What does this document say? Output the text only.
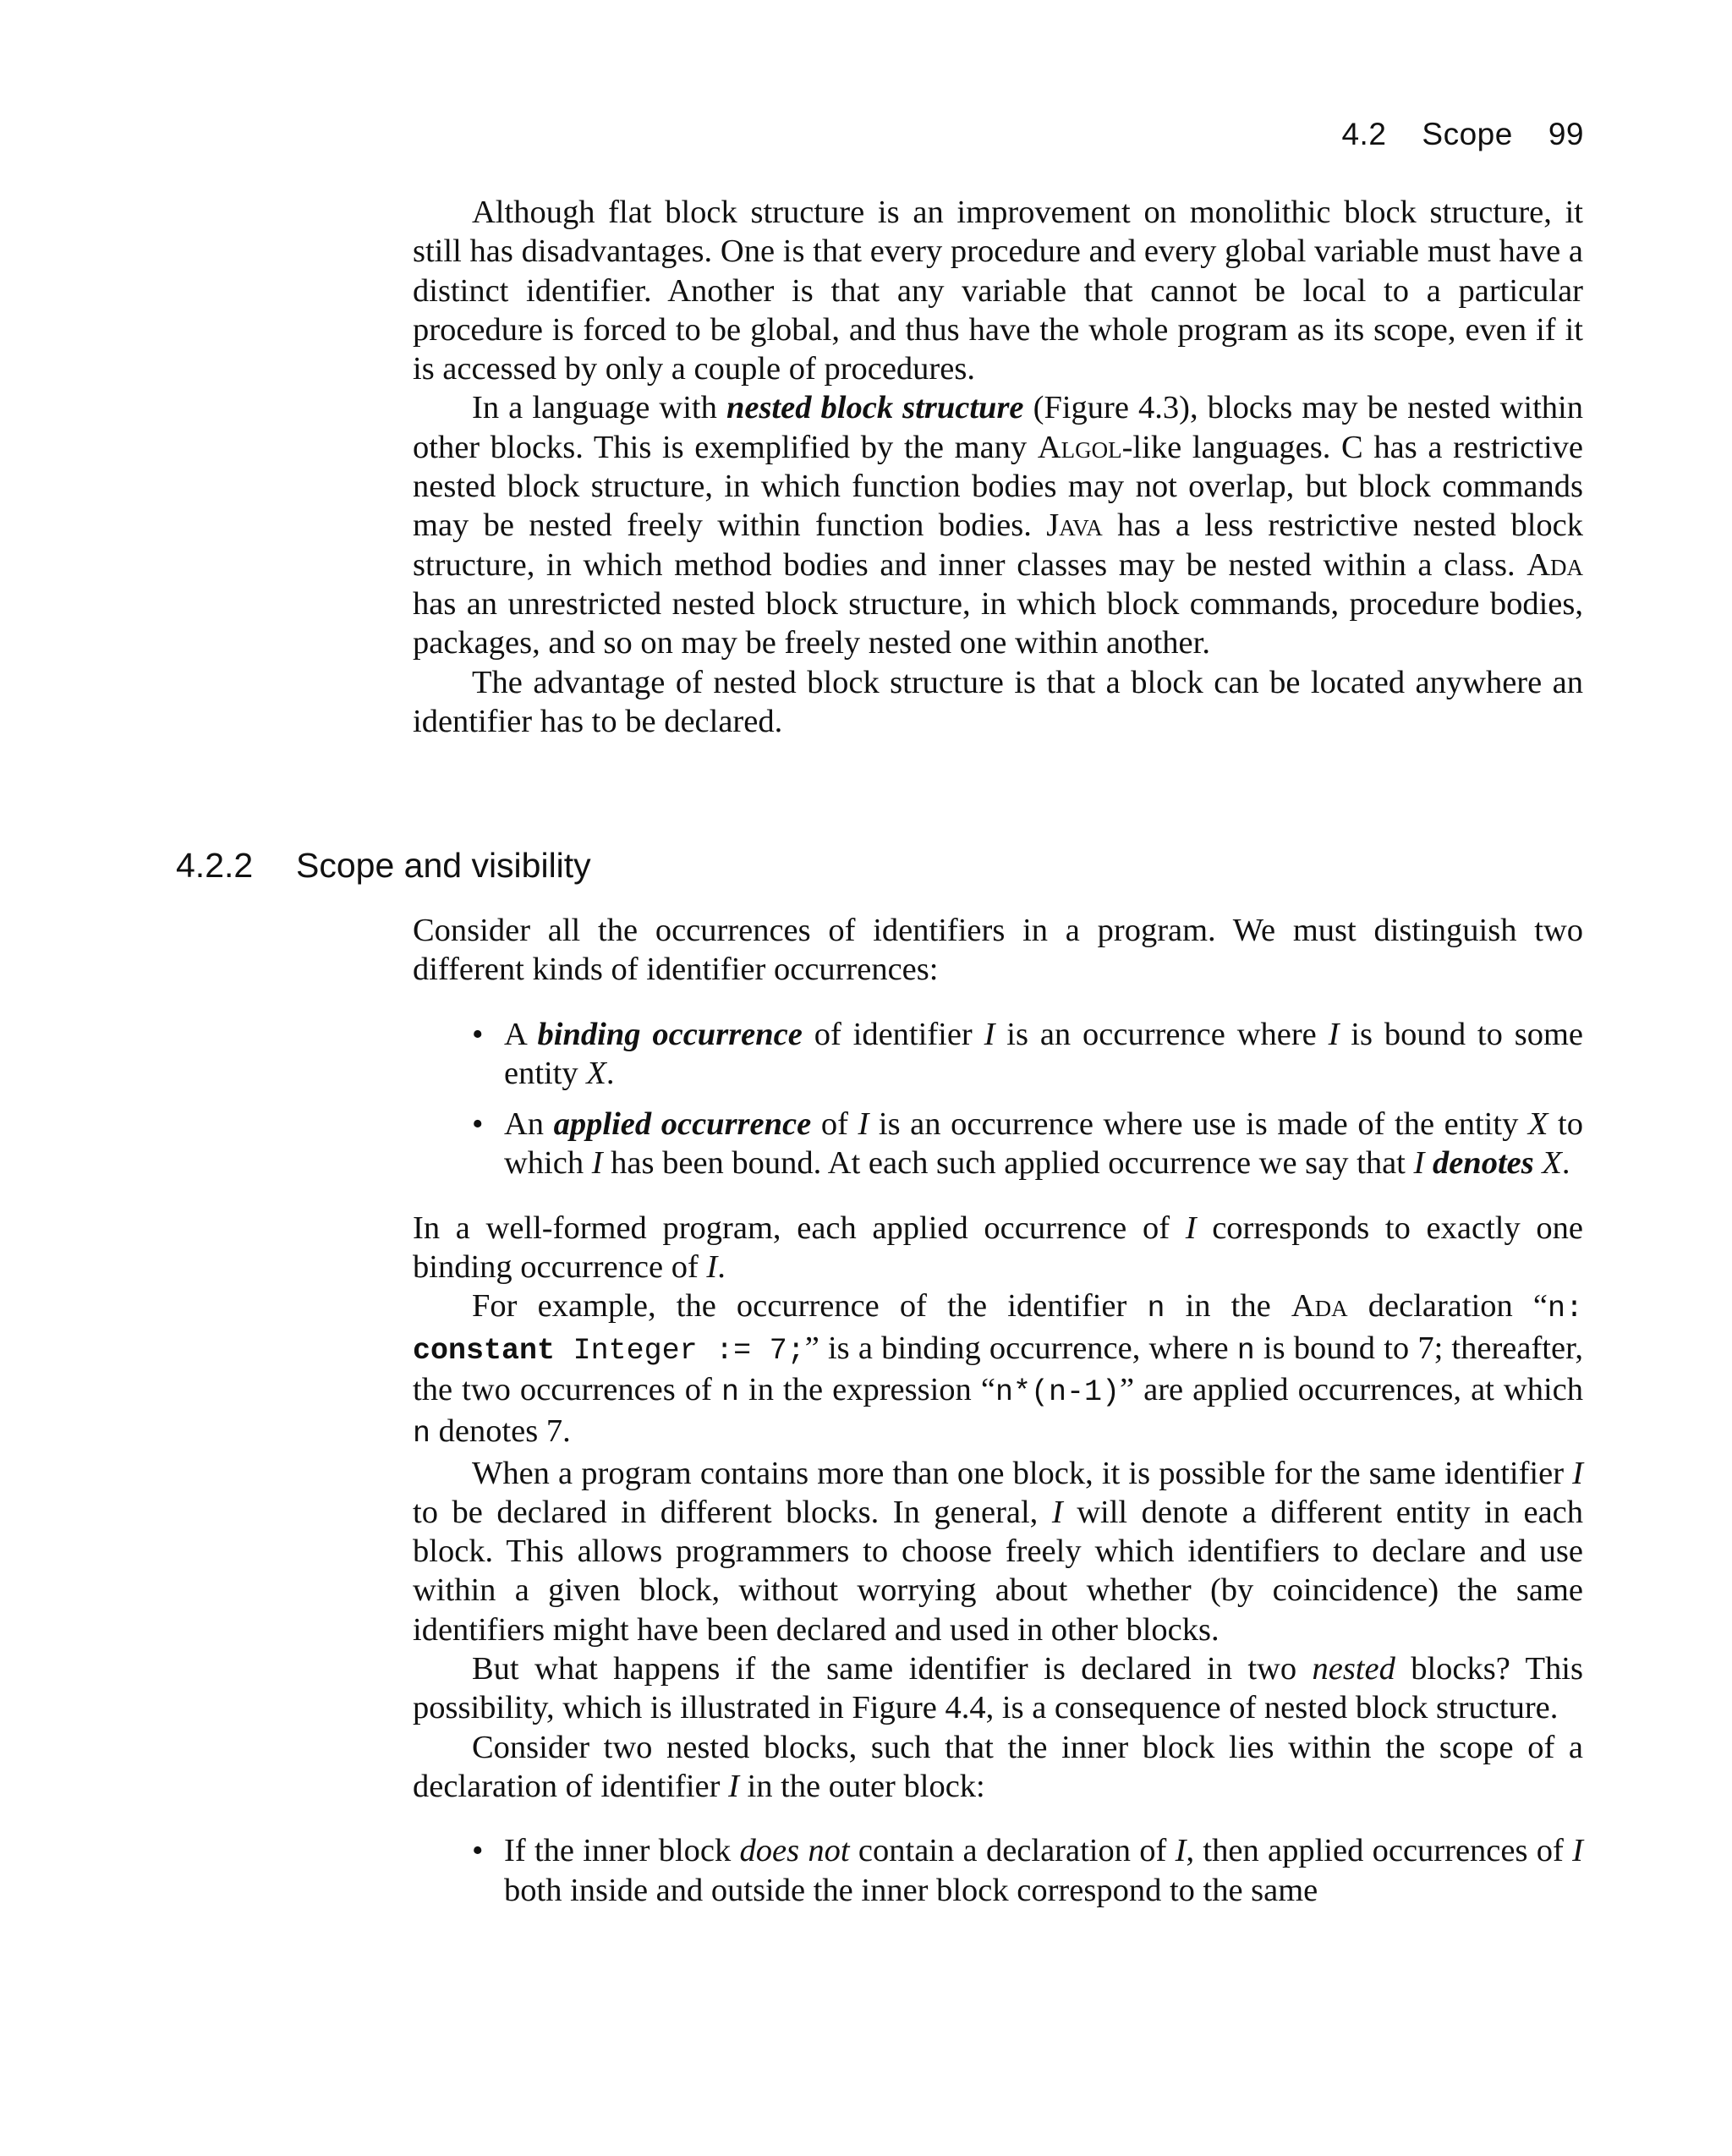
4.2 Scope 99

Although flat block structure is an improvement on monolithic block structure, it still has disadvantages. One is that every procedure and every global variable must have a distinct identifier. Another is that any variable that cannot be local to a particular procedure is forced to be global, and thus have the whole program as its scope, even if it is accessed by only a couple of procedures.

In a language with nested block structure (Figure 4.3), blocks may be nested within other blocks. This is exemplified by the many Algol-like languages. C has a restrictive nested block structure, in which function bodies may not overlap, but block commands may be nested freely within function bodies. Java has a less restrictive nested block structure, in which method bodies and inner classes may be nested within a class. Ada has an unrestricted nested block structure, in which block commands, procedure bodies, packages, and so on may be freely nested one within another.

The advantage of nested block structure is that a block can be located anywhere an identifier has to be declared.

4.2.2 Scope and visibility

Consider all the occurrences of identifiers in a program. We must distinguish two different kinds of identifier occurrences:

• A binding occurrence of identifier I is an occurrence where I is bound to some entity X.
• An applied occurrence of I is an occurrence where use is made of the entity X to which I has been bound. At each such applied occurrence we say that I denotes X.

In a well-formed program, each applied occurrence of I corresponds to exactly one binding occurrence of I.

For example, the occurrence of the identifier n in the Ada declaration “n: constant Integer := 7;” is a binding occurrence, where n is bound to 7; thereafter, the two occurrences of n in the expression “n*(n-1)” are applied occurrences, at which n denotes 7.

When a program contains more than one block, it is possible for the same identifier I to be declared in different blocks. In general, I will denote a different entity in each block. This allows programmers to choose freely which identifiers to declare and use within a given block, without worrying about whether (by coincidence) the same identifiers might have been declared and used in other blocks.

But what happens if the same identifier is declared in two nested blocks? This possibility, which is illustrated in Figure 4.4, is a consequence of nested block structure.

Consider two nested blocks, such that the inner block lies within the scope of a declaration of identifier I in the outer block:

• If the inner block does not contain a declaration of I, then applied occurrences of I both inside and outside the inner block correspond to the same
